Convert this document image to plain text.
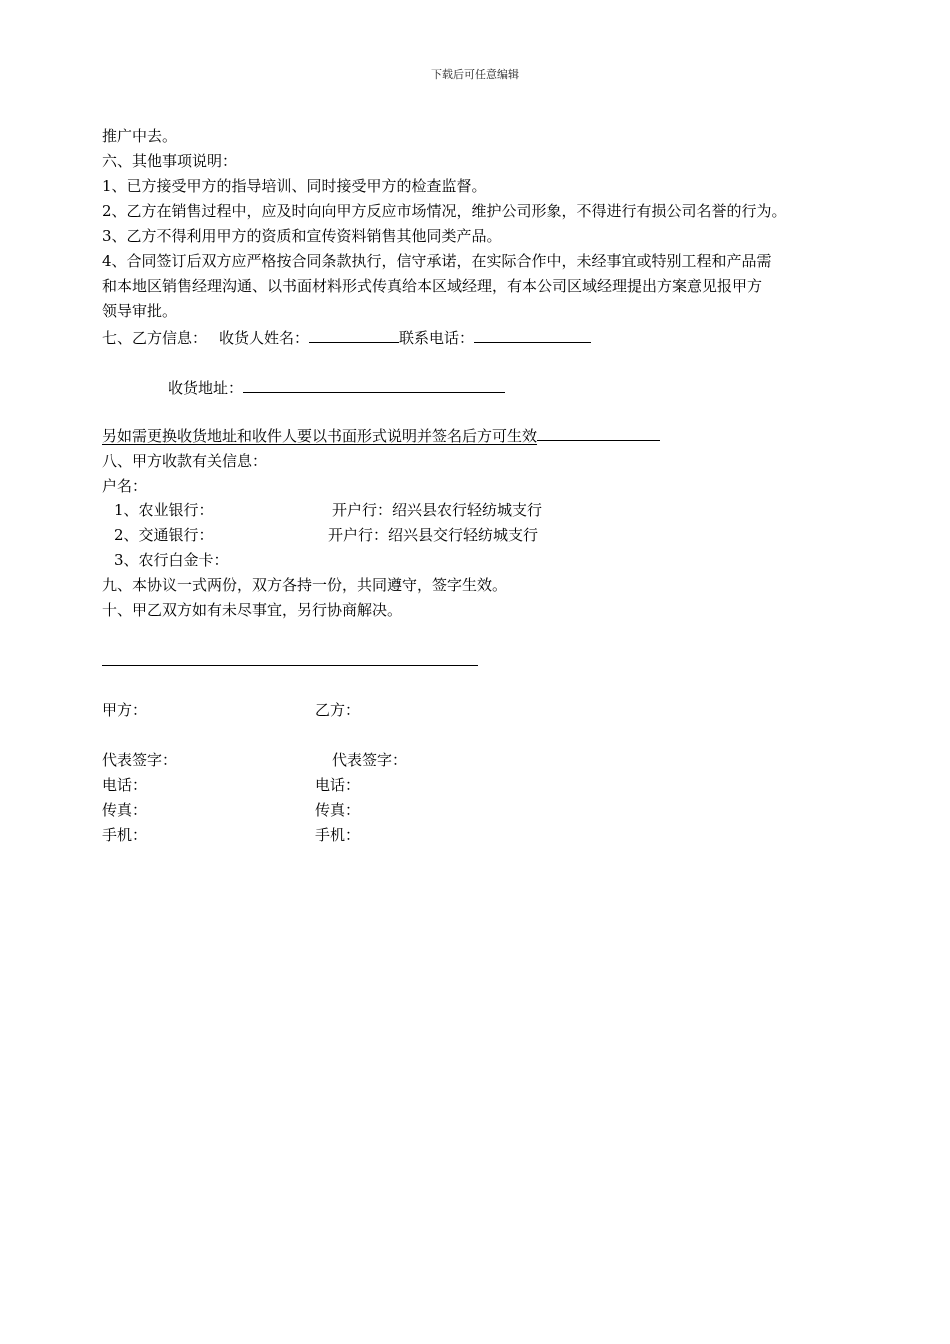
下载后可任意编辑
推广中去。
六、其他事项说明：
1、已方接受甲方的指导培训、同时接受甲方的检查监督。
2、乙方在销售过程中，应及时向向甲方反应市场情况，维护公司形象，不得进行有损公司名誉的行为。
3、乙方不得利用甲方的资质和宣传资料销售其他同类产品。
4、合同签订后双方应严格按合同条款执行，信守承诺，在实际合作中，未经事宜或特别工程和产品需
和本地区销售经理沟通、以书面材料形式传真给本区域经理，有本公司区域经理提出方案意见报甲方
领导审批。
七、乙方信息： 收货人姓名：	联系电话：
收货地址：
另如需更换收货地址和收件人要以书面形式说明并签名后方可生效
八、甲方收款有关信息：
户名：
1、农业银行：	开户行：绍兴县农行轻纺城支行
2、交通银行：	开户行：绍兴县交行轻纺城支行
3、农行白金卡：
九、本协议一式两份，双方各持一份，共同遵守，签字生效。
十、甲乙双方如有未尽事宜，另行协商解决。
甲方：	乙方：
代表签字：	代表签字：
电话：	电话：
传真：	传真：
手机：	手机：
